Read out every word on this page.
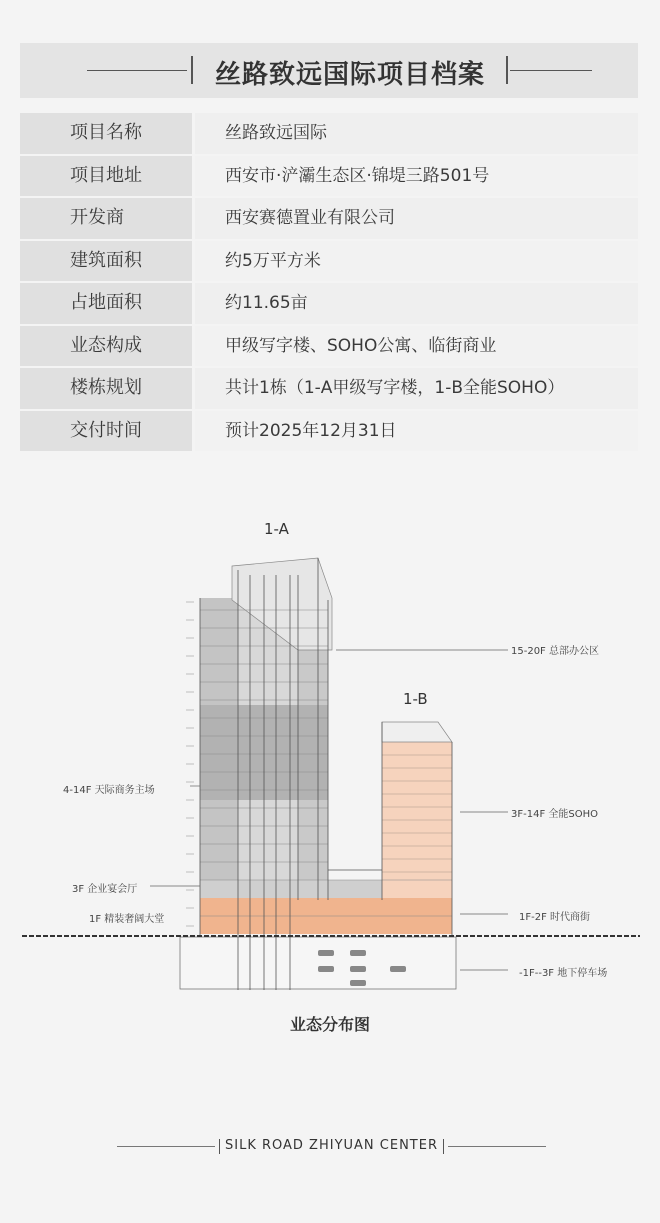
丝路致远国际项目档案
项目名称	丝路致远国际
项目地址	西安市·浐灞生态区·锦堤三路501号
开发商	西安赛德置业有限公司
建筑面积	约5万平方米
占地面积	约11.65亩
业态构成	甲级写字楼、SOHO公寓、临街商业
楼栋规划	共计1栋（1-A甲级写字楼，1-B全能SOHO）
交付时间	预计2025年12月31日
1-A
1-B
15-20F 总部办公区
3F-14F 全能SOHO
4-14F 天际商务主场
3F 企业宴会厅
1F 精装奢阔大堂	1F-2F 时代商街
-1F--3F 地下停车场
业态分布图
SILK ROAD ZHIYUAN CENTER
